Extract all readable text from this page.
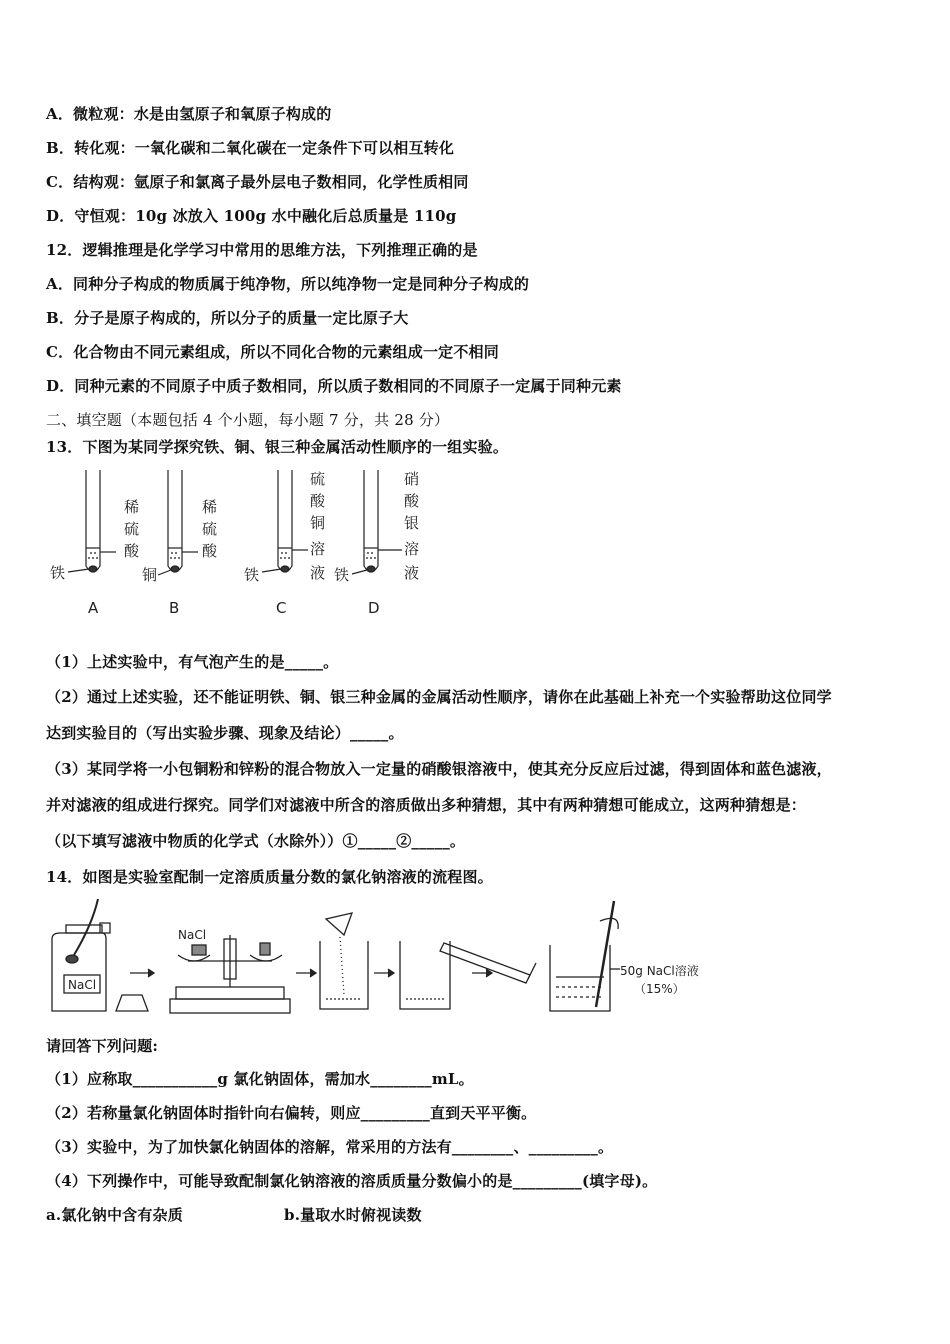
A．微粒观：水是由氢原子和氧原子构成的
B．转化观：一氧化碳和二氧化碳在一定条件下可以相互转化
C．结构观：氩原子和氯离子最外层电子数相同，化学性质相同
D．守恒观：10g 冰放入 100g 水中融化后总质量是 110g
12．逻辑推理是化学学习中常用的思维方法，下列推理正确的是
A．同种分子构成的物质属于纯净物，所以纯净物一定是同种分子构成的
B．分子是原子构成的，所以分子的质量一定比原子大
C．化合物由不同元素组成，所以不同化合物的元素组成一定不相同
D．同种元素的不同原子中质子数相同，所以质子数相同的不同原子一定属于同种元素
二、填空题（本题包括 4 个小题，每小题 7 分，共 28 分）
13．下图为某同学探究铁、铜、银三种金属活动性顺序的一组实验。
铁
稀
硫
酸
A
铜
稀
硫
酸
B
铁
硫
酸
铜
溶
液
C
铁
硝
酸
银
溶
液
D
（1）上述实验中，有气泡产生的是_____。
（2）通过上述实验，还不能证明铁、铜、银三种金属的金属活动性顺序，请你在此基础上补充一个实验帮助这位同学
达到实验目的（写出实验步骤、现象及结论）_____。
（3）某同学将一小包铜粉和锌粉的混合物放入一定量的硝酸银溶液中，使其充分反应后过滤，得到固体和蓝色滤液，
并对滤液的组成进行探究。同学们对滤液中所含的溶质做出多种猜想，其中有两种猜想可能成立，这两种猜想是：
（以下填写滤液中物质的化学式（水除外））①_____②_____。
14．如图是实验室配制一定溶质质量分数的氯化钠溶液的流程图。
NaCl
NaCl
50g NaCl溶液
（15%）
请回答下列问题:
（1）应称取___________g 氯化钠固体，需加水________mL。
（2）若称量氯化钠固体时指针向右偏转，则应_________直到天平平衡。
（3）实验中，为了加快氯化钠固体的溶解，常采用的方法有________、_________。
（4）下列操作中，可能导致配制氯化钠溶液的溶质质量分数偏小的是_________(填字母)。
a.氯化钠中含有杂质	b.量取水时俯视读数
